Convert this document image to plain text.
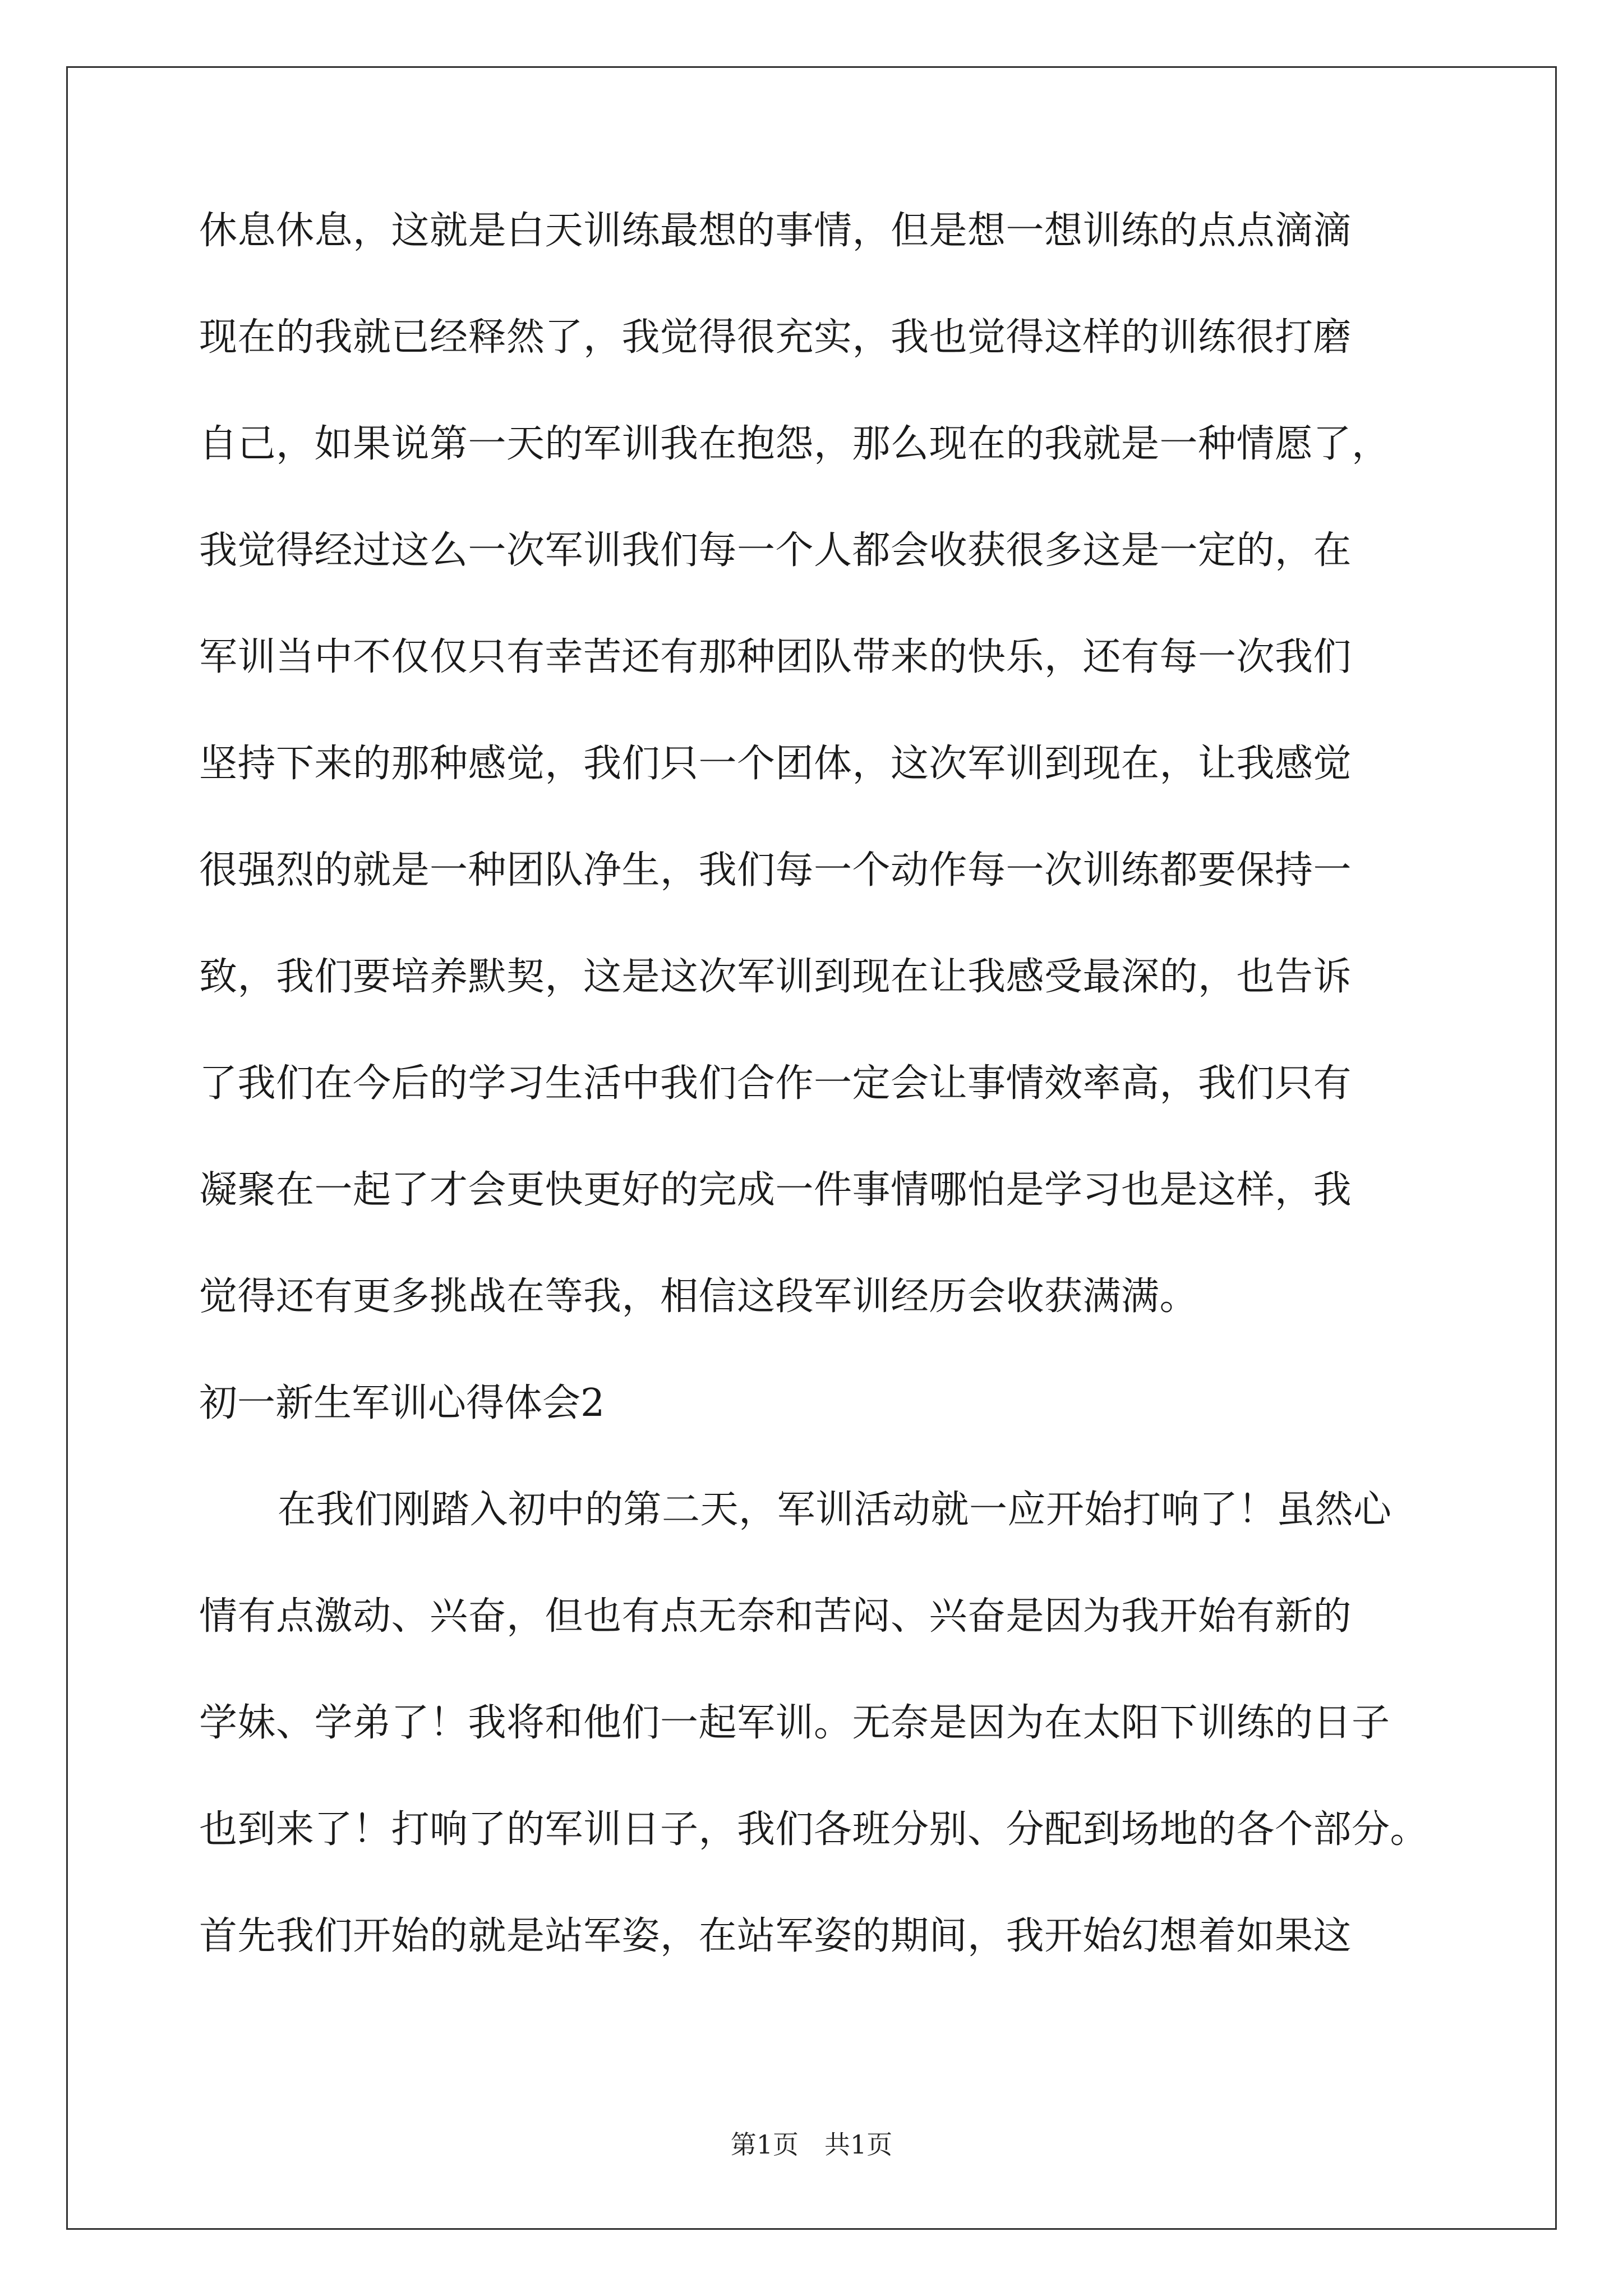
休息休息，这就是白天训练最想的事情，但是想一想训练的点点滴滴
现在的我就已经释然了，我觉得很充实，我也觉得这样的训练很打磨
自己，如果说第一天的军训我在抱怨，那么现在的我就是一种情愿了，
我觉得经过这么一次军训我们每一个人都会收获很多这是一定的，在
军训当中不仅仅只有幸苦还有那种团队带来的快乐，还有每一次我们
坚持下来的那种感觉，我们只一个团体，这次军训到现在，让我感觉
很强烈的就是一种团队净生，我们每一个动作每一次训练都要保持一
致，我们要培养默契，这是这次军训到现在让我感受最深的，也告诉
了我们在今后的学习生活中我们合作一定会让事情效率高，我们只有
凝聚在一起了才会更快更好的完成一件事情哪怕是学习也是这样，我
觉得还有更多挑战在等我，相信这段军训经历会收获满满。
初一新生军训心得体会2
在我们刚踏入初中的第二天，军训活动就一应开始打响了！虽然心
情有点激动、兴奋，但也有点无奈和苦闷、兴奋是因为我开始有新的
学妹、学弟了！我将和他们一起军训。无奈是因为在太阳下训练的日子
也到来了！打响了的军训日子，我们各班分别、分配到场地的各个部分。
首先我们开始的就是站军姿，在站军姿的期间，我开始幻想着如果这
第1页　共1页
